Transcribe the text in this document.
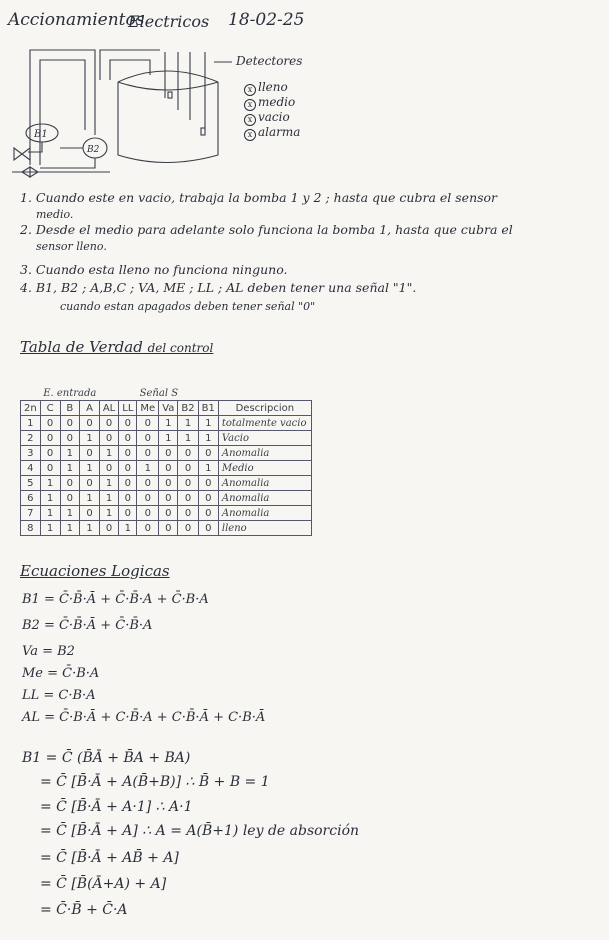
Accionamientos
Electricos 18-02-25
B1
B2
Detectores
x lleno
x medio
x vacio
x alarma
1. Cuando este en vacio, trabaja la bomba 1 y 2 ; hasta que cubra el sensor
medio.
2. Desde el medio para adelante solo funciona la bomba 1, hasta que cubra el
sensor lleno.
3. Cuando esta lleno no funciona ninguno.
4. B1, B2 ; A,B,C ; VA, ME ; LL ; AL deben tener una señal "1".
cuando estan apagados deben tener señal "0"
Tabla de Verdad del control
	E. entrada			Señal S						
2n	C	B	A	AL	LL	Me	Va	B2	B1	Descripcion
1	0	0	0	0	0	0	1	1	1	totalmente vacio
2	0	0	1	0	0	0	1	1	1	Vacio
3	0	1	0	1	0	0	0	0	0	Anomalia
4	0	1	1	0	0	1	0	0	1	Medio
5	1	0	0	1	0	0	0	0	0	Anomalia
6	1	0	1	1	0	0	0	0	0	Anomalia
7	1	1	0	1	0	0	0	0	0	Anomalia
8	1	1	1	0	1	0	0	0	0	lleno
Ecuaciones Logicas
B1 = C̄·B̄·Ā + C̄·B̄·A + C̄·B·A
B2 = C̄·B̄·Ā + C̄·B̄·A
Va = B2
Me = C̄·B·A
LL = C·B·A
AL = C̄·B·Ā + C·B̄·A + C·B̄·Ā + C·B·Ā
B1 = C̄ (B̄Ā + B̄A + BA)
= C̄ [B̄·Ā + A(B̄+B)] ∴ B̄ + B = 1
= C̄ [B̄·Ā + A·1] ∴ A·1
= C̄ [B̄·Ā + A] ∴ A = A(B̄+1) ley de absorción
= C̄ [B̄·Ā + AB̄ + A]
= C̄ [B̄(Ā+A) + A]
= C̄·B̄ + C̄·A
